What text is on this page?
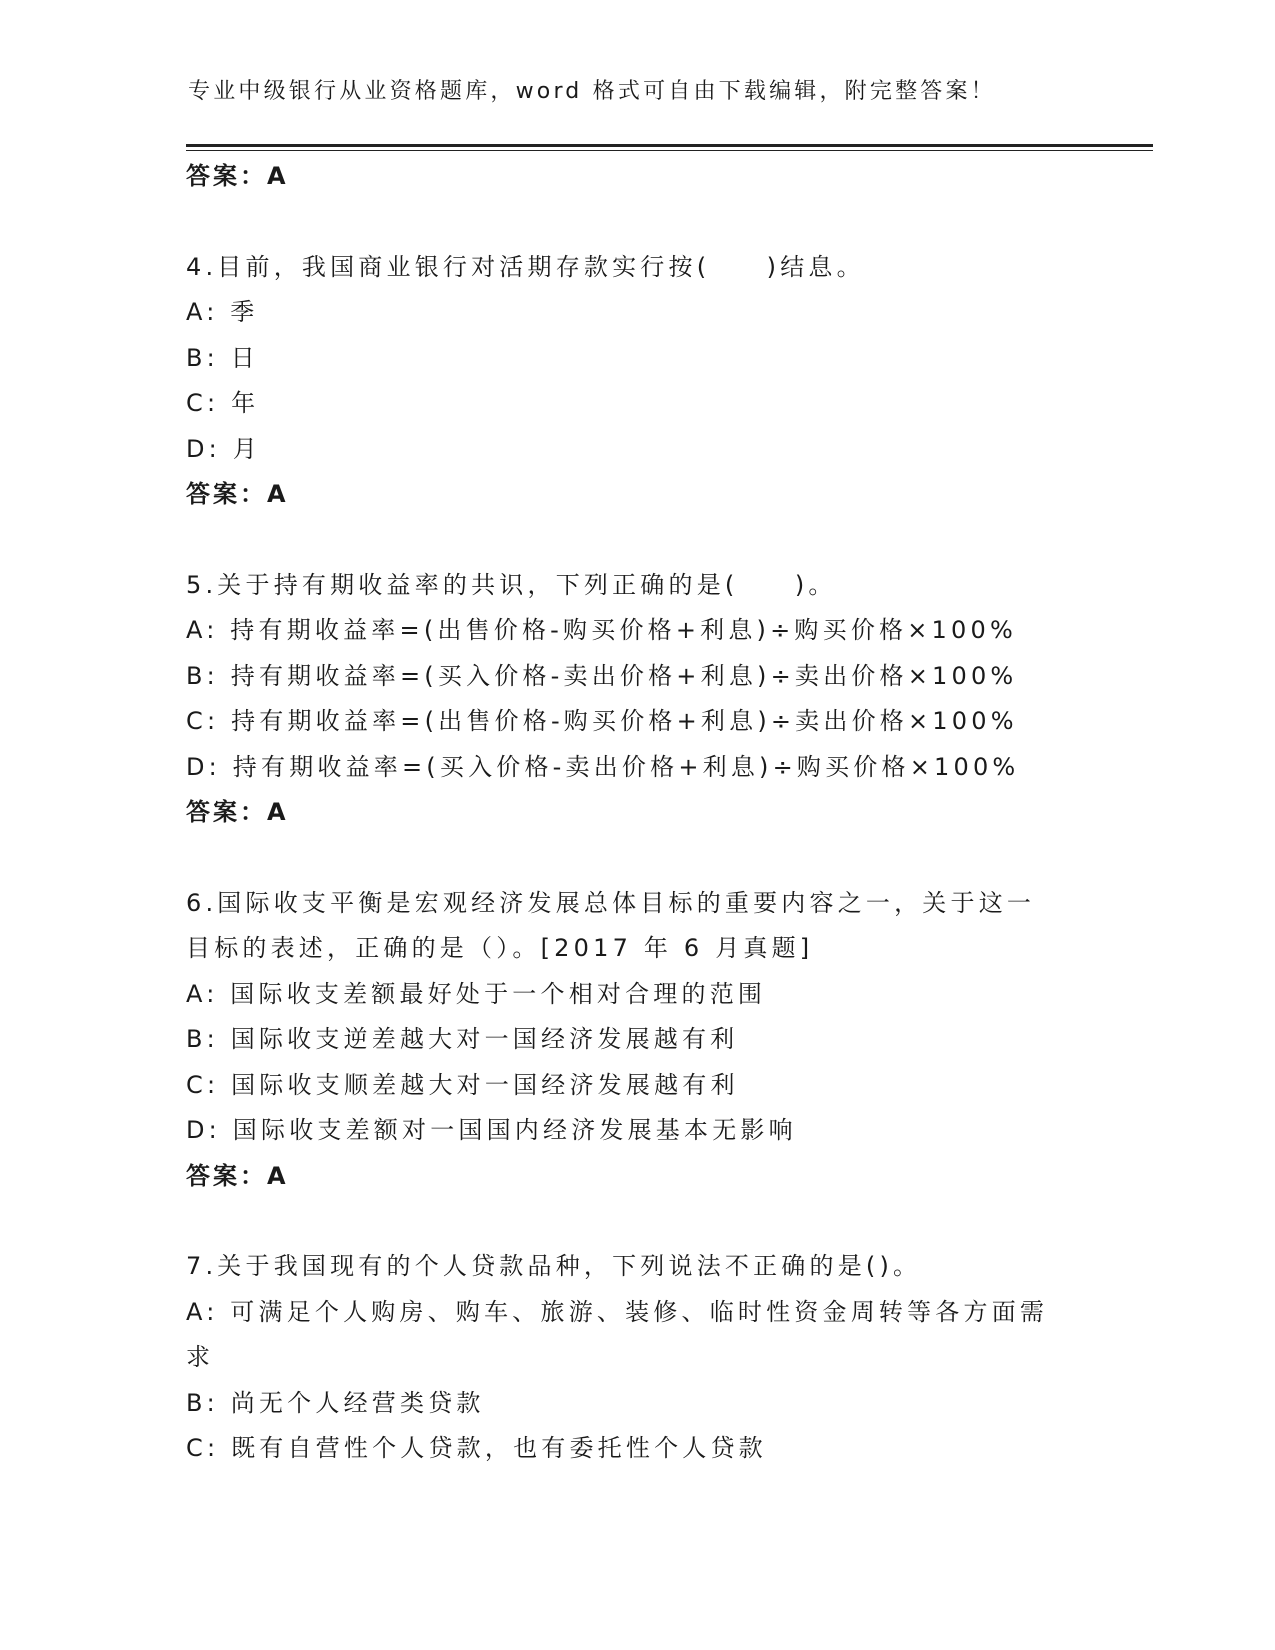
专业中级银行从业资格题库，word 格式可自由下载编辑，附完整答案！
答案：A
4.目前，我国商业银行对活期存款实行按(　　)结息。
A: 季
B: 日
C: 年
D: 月
答案：A
5.关于持有期收益率的共识，下列正确的是(　　)。
A: 持有期收益率=(出售价格-购买价格+利息)÷购买价格×100%
B: 持有期收益率=(买入价格-卖出价格+利息)÷卖出价格×100%
C: 持有期收益率=(出售价格-购买价格+利息)÷卖出价格×100%
D: 持有期收益率=(买入价格-卖出价格+利息)÷购买价格×100%
答案：A
6.国际收支平衡是宏观经济发展总体目标的重要内容之一，关于这一
目标的表述，正确的是（）。[2017 年 6 月真题]
A: 国际收支差额最好处于一个相对合理的范围
B: 国际收支逆差越大对一国经济发展越有利
C: 国际收支顺差越大对一国经济发展越有利
D: 国际收支差额对一国国内经济发展基本无影响
答案：A
7.关于我国现有的个人贷款品种，下列说法不正确的是()。
A: 可满足个人购房、购车、旅游、装修、临时性资金周转等各方面需
求
B: 尚无个人经营类贷款
C: 既有自营性个人贷款，也有委托性个人贷款
